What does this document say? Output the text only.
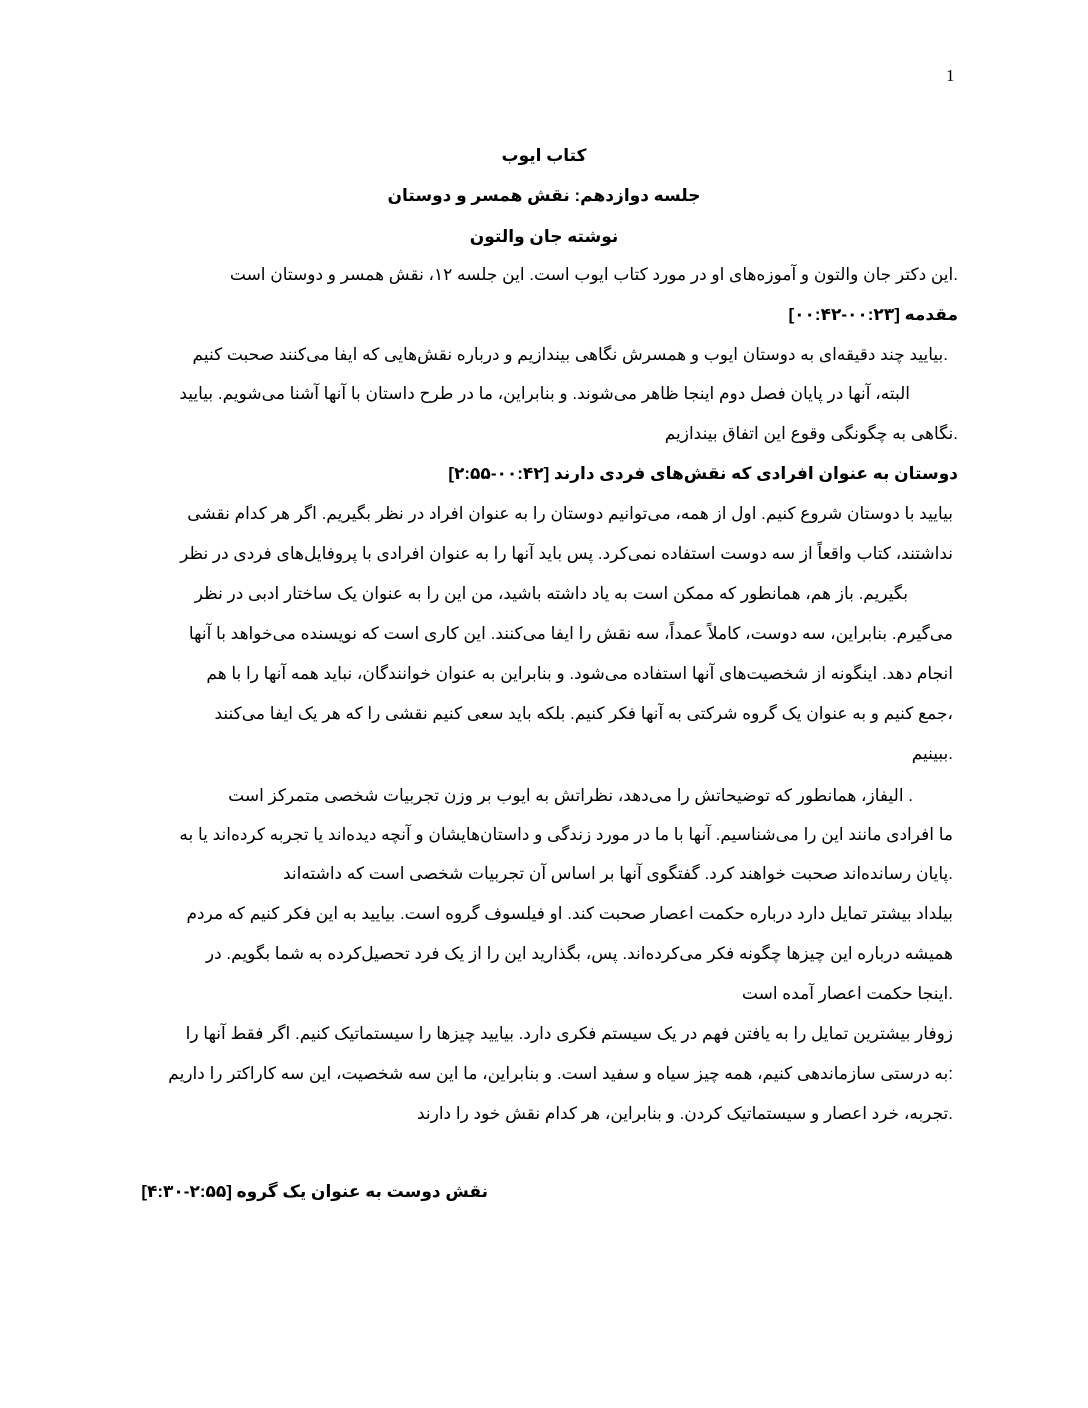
1
کتاب ایوب
جلسه دوازدهم: نقش همسر و دوستان
نوشته جان والتون
.این دکتر جان والتون و آموزه‌های او در مورد کتاب ایوب است. این جلسه ۱۲، نقش همسر و دوستان است
مقدمه [۰۰:۲۳-۰۰:۴۲]
.بیایید چند دقیقه‌ای به دوستان ایوب و همسرش نگاهی بیندازیم و درباره نقش‌هایی که ایفا می‌کنند صحبت کنیم
البته، آنها در پایان فصل دوم اینجا ظاهر می‌شوند. و بنابراین، ما در طرح داستان با آنها آشنا می‌شویم. بیایید
.نگاهی به چگونگی وقوع این اتفاق بیندازیم
دوستان به عنوان افرادی که نقش‌های فردی دارند [۰۰:۴۲-۲:۵۵]
بیایید با دوستان شروع کنیم. اول از همه، می‌توانیم دوستان را به عنوان افراد در نظر بگیریم. اگر هر کدام نقشی
نداشتند، کتاب واقعاً از سه دوست استفاده نمی‌کرد. پس باید آنها را به عنوان افرادی با پروفایل‌های فردی در نظر
بگیریم. باز هم، همانطور که ممکن است به یاد داشته باشید، من این را به عنوان یک ساختار ادبی در نظر
می‌گیرم. بنابراین، سه دوست، کاملاً عمداً، سه نقش را ایفا می‌کنند. این کاری است که نویسنده می‌خواهد با آنها
انجام دهد. اینگونه از شخصیت‌های آنها استفاده می‌شود. و بنابراین به عنوان خوانندگان، نباید همه آنها را با هم
،جمع کنیم و به عنوان یک گروه شرکتی به آنها فکر کنیم. بلکه باید سعی کنیم نقشی را که هر یک ایفا می‌کنند
.ببینیم
. الیفاز، همانطور که توضیحاتش را می‌دهد، نظراتش به ایوب بر وزن تجربیات شخصی متمرکز است
ما افرادی مانند این را می‌شناسیم. آنها با ما در مورد زندگی و داستان‌هایشان و آنچه دیده‌اند یا تجربه کرده‌اند یا به
.پایان رسانده‌اند صحبت خواهند کرد. گفتگوی آنها بر اساس آن تجربیات شخصی است که داشته‌اند
بیلداد بیشتر تمایل دارد درباره حکمت اعصار صحبت کند. او فیلسوف گروه است. بیایید به این فکر کنیم که مردم
همیشه درباره این چیزها چگونه فکر می‌کرده‌اند. پس، بگذارید این را از یک فرد تحصیل‌کرده به شما بگویم. در
.اینجا حکمت اعصار آمده است
زوفار بیشترین تمایل را به یافتن فهم در یک سیستم فکری دارد. بیایید چیزها را سیستماتیک کنیم. اگر فقط آنها را
:به درستی سازماندهی کنیم، همه چیز سیاه و سفید است. و بنابراین، ما این سه شخصیت، این سه کاراکتر را داریم
.تجربه، خرد اعصار و سیستماتیک کردن. و بنابراین، هر کدام نقش خود را دارند
نقش دوست به عنوان یک گروه [۲:۵۵-۴:۳۰]
